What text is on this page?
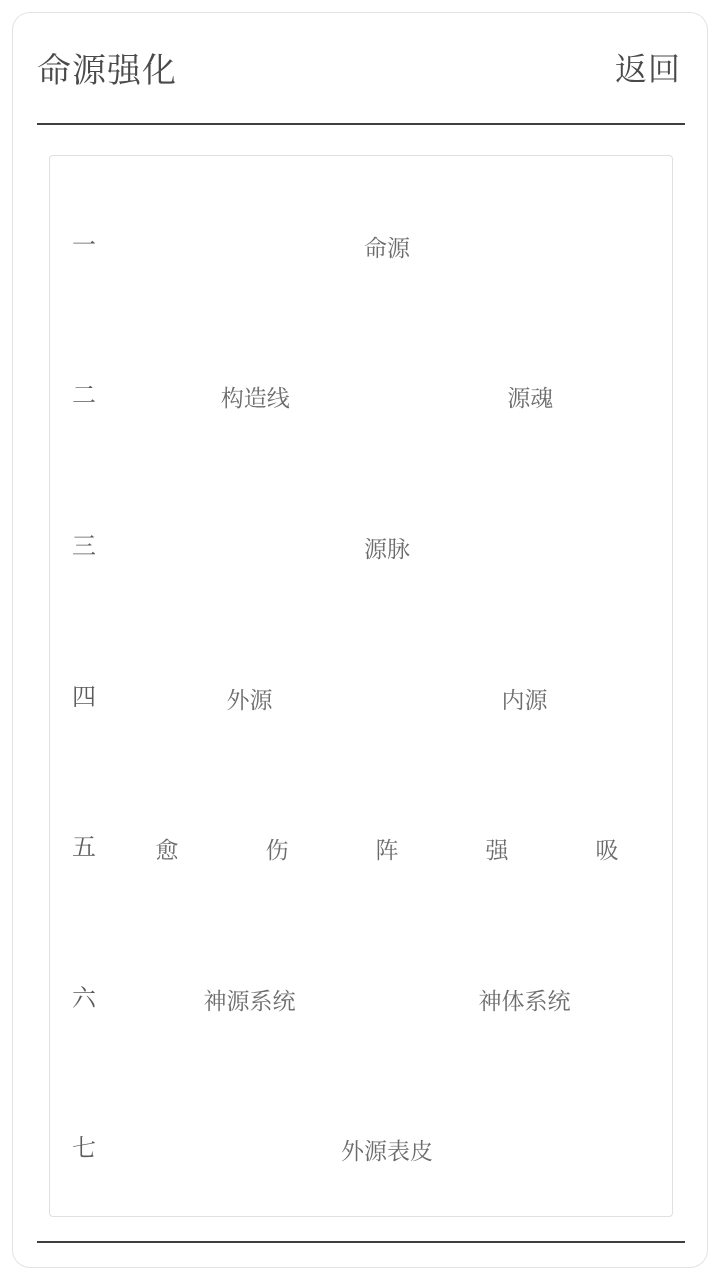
命源强化	返回
一	命源
二	构造线	源魂
三	源脉
四	外源	内源
五	愈	伤	阵	强	吸
六	神源系统	神体系统
七	外源表皮
